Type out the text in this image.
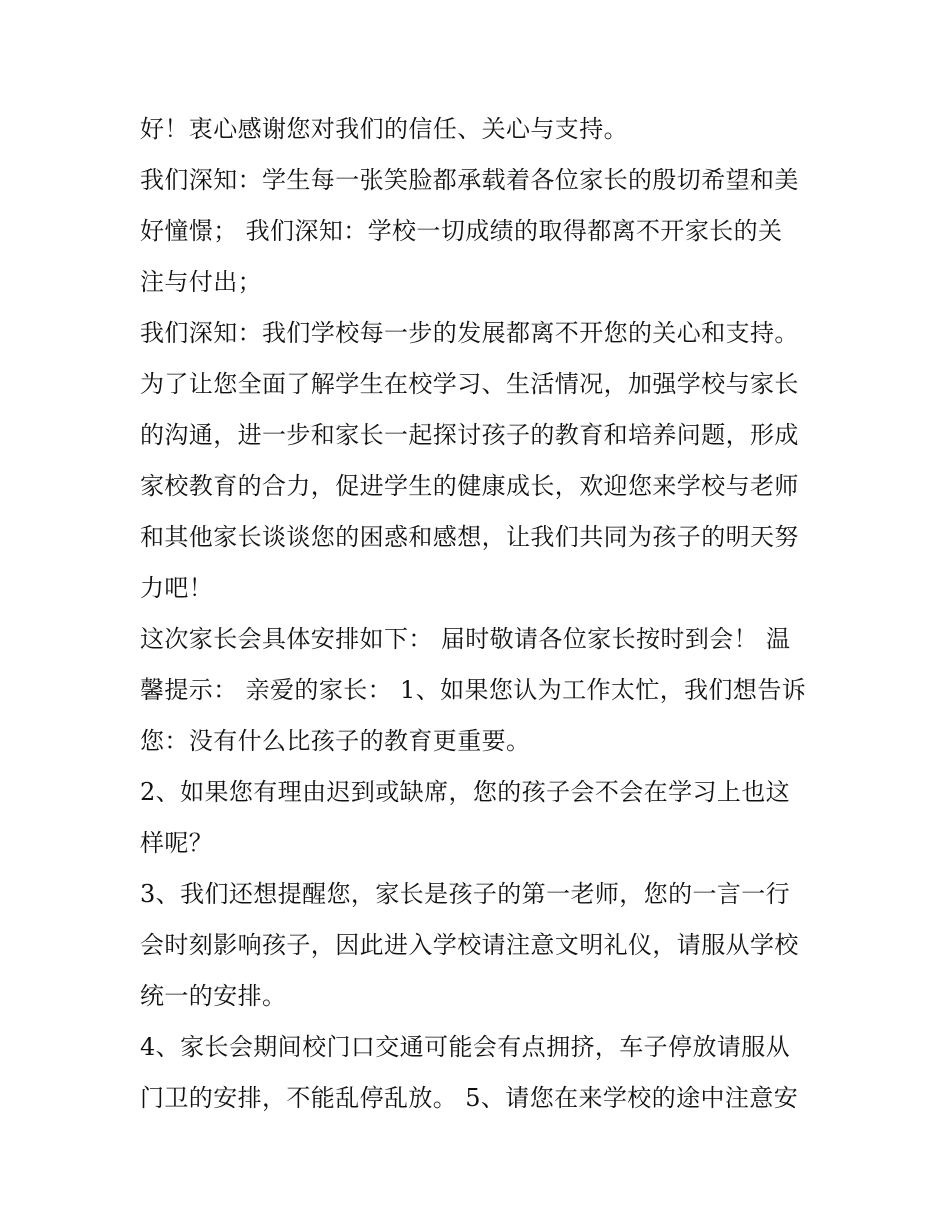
好！衷心感谢您对我们的信任、关心与支持。
我们深知：学生每一张笑脸都承载着各位家长的殷切希望和美
好憧憬； 我们深知：学校一切成绩的取得都离不开家长的关
注与付出；
我们深知：我们学校每一步的发展都离不开您的关心和支持。
为了让您全面了解学生在校学习、生活情况，加强学校与家长
的沟通，进一步和家长一起探讨孩子的教育和培养问题，形成
家校教育的合力，促进学生的健康成长，欢迎您来学校与老师
和其他家长谈谈您的困惑和感想，让我们共同为孩子的明天努
力吧！
这次家长会具体安排如下： 届时敬请各位家长按时到会！ 温
馨提示： 亲爱的家长： 1、如果您认为工作太忙，我们想告诉
您：没有什么比孩子的教育更重要。
2、如果您有理由迟到或缺席，您的孩子会不会在学习上也这
样呢？
3、我们还想提醒您，家长是孩子的第一老师，您的一言一行
会时刻影响孩子，因此进入学校请注意文明礼仪，请服从学校
统一的安排。
4、家长会期间校门口交通可能会有点拥挤，车子停放请服从
门卫的安排，不能乱停乱放。 5、请您在来学校的途中注意安
